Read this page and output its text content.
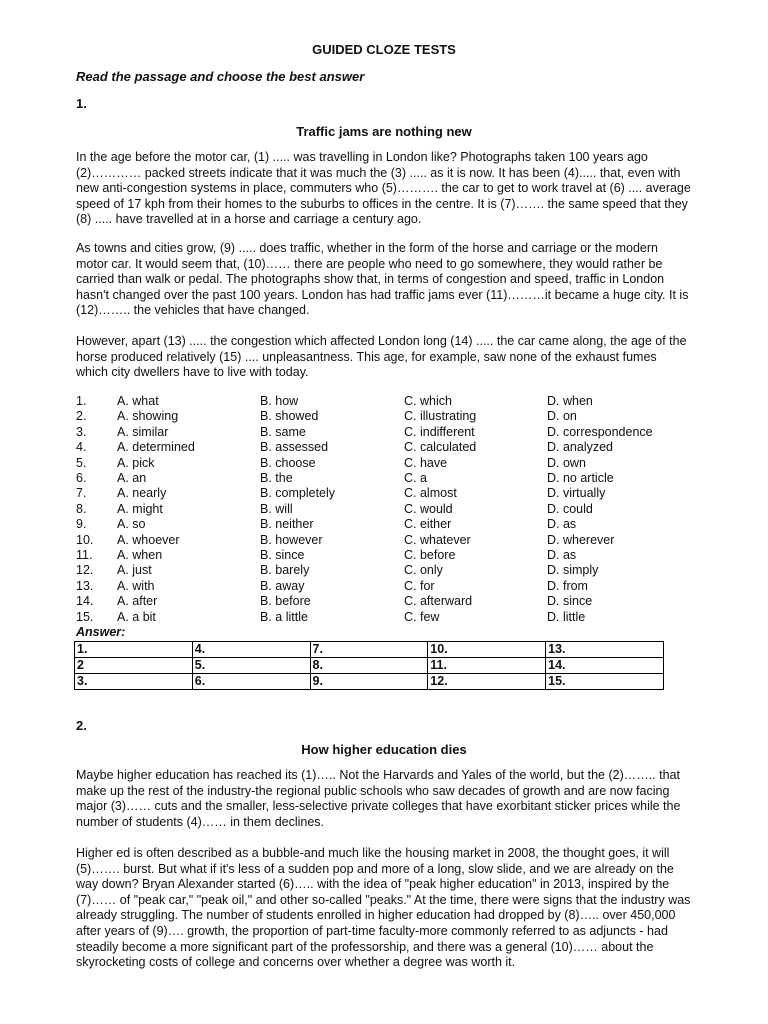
GUIDED CLOZE TESTS
Read the passage and choose the best answer
1.
Traffic jams are nothing new

In the age before the motor car, (1) ..... was travelling in London like? Photographs taken 100 years ago (2)………… packed streets indicate that it was much the (3) ..... as it is now. It has been (4)..... that, even with new anti-congestion systems in place, commuters who (5)………. the car to get to work travel at (6) .... average speed of 17 kph from their homes to the suburbs to offices in the centre. It is (7)……. the same speed that they (8) ..... have travelled at in a horse and carriage a century ago.

As towns and cities grow, (9) ..... does traffic, whether in the form of the horse and carriage or the modern motor car. It would seem that, (10)…… there are people who need to go somewhere, they would rather be carried than walk or pedal. The photographs show that, in terms of congestion and speed, traffic in London hasn't changed over the past 100 years. London has had traffic jams ever (11)………it became a huge city. It is (12)…….. the vehicles that have changed.

However, apart (13) ..... the congestion which affected London long (14) ..... the car came along, the age of the horse produced relatively (15) .... unpleasantness. This age, for example, saw none of the exhaust fumes which city dwellers have to live with today.

1.	A. what	B. how	C. which	D. when
2.	A. showing	B. showed	C. illustrating	D. on
3.	A. similar	B. same	C. indifferent	D. correspondence
4.	A. determined	B. assessed	C. calculated	D. analyzed
5.	A. pick	B. choose	C. have	D. own
6.	A. an	B. the	C. a	D. no article
7.	A. nearly	B. completely	C. almost	D. virtually
8.	A. might	B. will	C. would	D. could
9.	A. so	B. neither	C. either	D. as
10.	A. whoever	B. however	C. whatever	D. wherever
11.	A. when	B. since	C. before	D. as
12.	A. just	B. barely	C. only	D. simply
13.	A. with	B. away	C. for	D. from
14.	A. after	B. before	C. afterward	D. since
15.	A. a bit	B. a little	C. few	D. little
Answer:
1.	4.	7.	10.	13.
2	5.	8.	11.	14.
3.	6.	9.	12.	15.
2.
How higher education dies

Maybe higher education has reached its (1)….. Not the Harvards and Yales of the world, but the (2)…….. that make up the rest of the industry-the regional public schools who saw decades of growth and are now facing major (3)…… cuts and the smaller, less-selective private colleges that have exorbitant sticker prices while the number of students (4)…… in them declines.

Higher ed is often described as a bubble-and much like the housing market in 2008, the thought goes, it will (5)……. burst. But what if it's less of a sudden pop and more of a long, slow slide, and we are already on the way down? Bryan Alexander started (6)….. with the idea of "peak higher education" in 2013, inspired by the (7)…… of "peak car," "peak oil," and other so-called "peaks." At the time, there were signs that the industry was already struggling. The number of students enrolled in higher education had dropped by (8)….. over 450,000 after years of (9)…. growth, the proportion of part-time faculty-more commonly referred to as adjuncts - had steadily become a more significant part of the professorship, and there was a general (10)…… about the skyrocketing costs of college and concerns over whether a degree was worth it.
